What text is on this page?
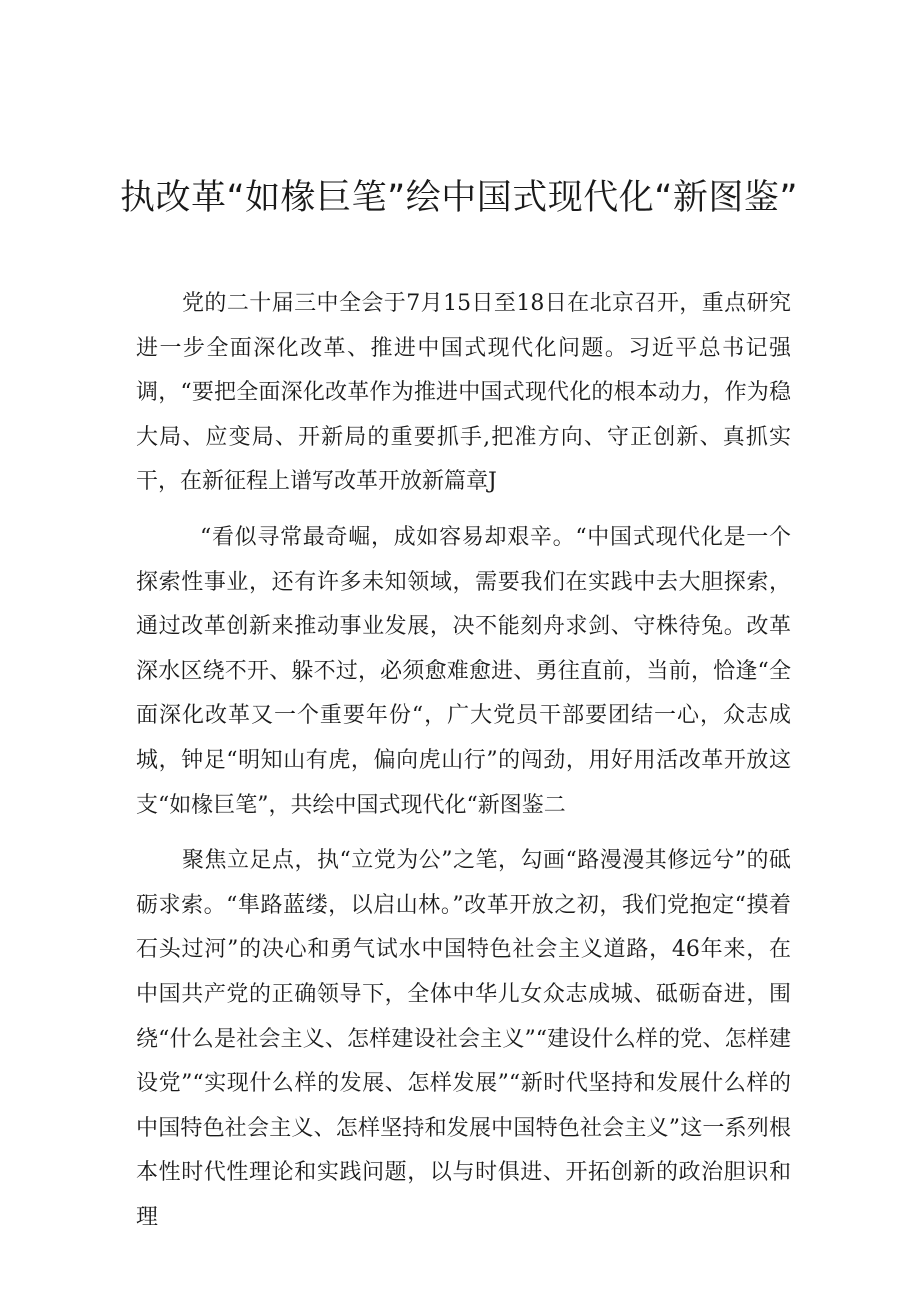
执改革“如椽巨笔”绘中国式现代化“新图鉴”

党的二十届三中全会于7月15日至18日在北京召开，重点研究进一步全面深化改革、推进中国式现代化问题。习近平总书记强调，“要把全面深化改革作为推进中国式现代化的根本动力，作为稳大局、应变局、开新局的重要抓手,把准方向、守正创新、真抓实干，在新征程上谱写改革开放新篇章J

“看似寻常最奇崛，成如容易却艰辛。“中国式现代化是一个探索性事业，还有许多未知领域，需要我们在实践中去大胆探索，通过改革创新来推动事业发展，决不能刻舟求剑、守株待兔。改革深水区绕不开、躲不过，必须愈难愈进、勇往直前，当前，恰逢“全面深化改革又一个重要年份“，广大党员干部要团结一心，众志成城，钟足“明知山有虎，偏向虎山行”的闯劲，用好用活改革开放这支“如椽巨笔”，共绘中国式现代化“新图鉴二

聚焦立足点，执“立党为公”之笔，勾画“路漫漫其修远兮”的砥砺求索。“隼路蓝缕，以启山林。”改革开放之初，我们党抱定“摸着石头过河”的决心和勇气试水中国特色社会主义道路，46年来，在中国共产党的正确领导下，全体中华儿女众志成城、砥砺奋进，围绕“什么是社会主义、怎样建设社会主义”“建设什么样的党、怎样建设党”“实现什么样的发展、怎样发展”“新时代坚持和发展什么样的中国特色社会主义、怎样坚持和发展中国特色社会主义”这一系列根本性时代性理论和实践问题，以与时俱进、开拓创新的政治胆识和理
